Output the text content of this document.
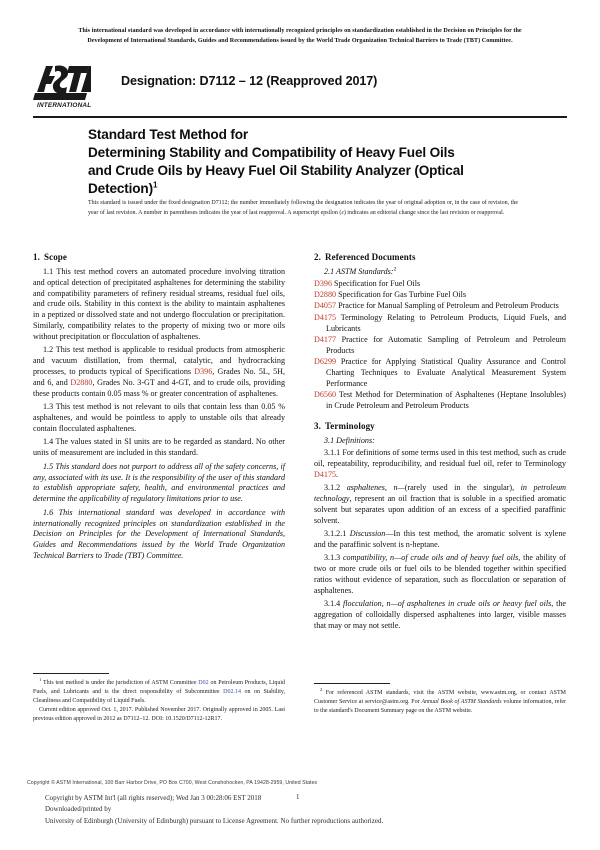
This international standard was developed in accordance with internationally recognized principles on standardization established in the Decision on Principles for the
Development of International Standards, Guides and Recommendations issued by the World Trade Organization Technical Barriers to Trade (TBT) Committee.
INTERNATIONAL
Designation: D7112 – 12 (Reapproved 2017)
Standard Test Method for
Determining Stability and Compatibility of Heavy Fuel Oils
and Crude Oils by Heavy Fuel Oil Stability Analyzer (Optical
Detection)$^1$
This standard is issued under the fixed designation D7112; the number immediately following the designation indicates the year of original adoption or, in the case of revision, the year of last revision. A number in parentheses indicates the year of last reapproval. A superscript epsilon (ε) indicates an editorial change since the last revision or reapproval.
1. Scope

1.1 This test method covers an automated procedure involving titration and optical detection of precipitated asphaltenes for determining the stability and compatibility parameters of refinery residual streams, residual fuel oils, and crude oils. Stability in this context is the ability to maintain asphaltenes in a peptized or dissolved state and not undergo flocculation or precipitation. Similarly, compatibility relates to the property of mixing two or more oils without precipitation or flocculation of asphaltenes.

1.2 This test method is applicable to residual products from atmospheric and vacuum distillation, from thermal, catalytic, and hydrocracking processes, to products typical of Specifications D396, Grades No. 5L, 5H, and 6, and D2880, Grades No. 3-GT and 4-GT, and to crude oils, providing these products contain 0.05 mass % or greater concentration of asphaltenes.

1.3 This test method is not relevant to oils that contain less than 0.05 % asphaltenes, and would be pointless to apply to unstable oils that already contain flocculated asphaltenes.

1.4 The values stated in SI units are to be regarded as standard. No other units of measurement are included in this standard.

1.5 This standard does not purport to address all of the safety concerns, if any, associated with its use. It is the responsibility of the user of this standard to establish appropriate safety, health, and environmental practices and determine the applicability of regulatory limitations prior to use.

1.6 This international standard was developed in accordance with internationally recognized principles on standardization established in the Decision on Principles for the Development of International Standards, Guides and Recommendations issued by the World Trade Organization Technical Barriers to Trade (TBT) Committee.

$^1$ This test method is under the jurisdiction of ASTM Committee D02 on Petroleum Products, Liquid Fuels, and Lubricants and is the direct responsibility of Subcommittee D02.14 on on Stability, Cleanliness and Compatibility of Liquid Fuels.

Current edition approved Oct. 1, 2017. Published November 2017. Originally approved in 2005. Last previous edition approved in 2012 as D7112–12. DOI: 10.1520/D7112-12R17.

2. Referenced Documents

2.1 ASTM Standards:$^2$

D396 Specification for Fuel Oils

D2880 Specification for Gas Turbine Fuel Oils

D4057 Practice for Manual Sampling of Petroleum and Petroleum Products

D4175 Terminology Relating to Petroleum Products, Liquid Fuels, and Lubricants

D4177 Practice for Automatic Sampling of Petroleum and Petroleum Products

D6299 Practice for Applying Statistical Quality Assurance and Control Charting Techniques to Evaluate Analytical Measurement System Performance

D6560 Test Method for Determination of Asphaltenes (Heptane Insolubles) in Crude Petroleum and Petroleum Products

3. Terminology

3.1 Definitions:

3.1.1 For definitions of some terms used in this test method, such as crude oil, repeatability, reproducibility, and residual fuel oil, refer to Terminology D4175.

3.1.2 asphaltenes, n—(rarely used in the singular), in petroleum technology, represent an oil fraction that is soluble in a specified aromatic solvent but separates upon addition of an excess of a specified paraffinic solvent.

3.1.2.1 Discussion—In this test method, the aromatic solvent is xylene and the paraffinic solvent is n-heptane.

3.1.3 compatibility, n—of crude oils and of heavy fuel oils, the ability of two or more crude oils or fuel oils to be blended together within specified ratios without evidence of separation, such as flocculation or separation of asphaltenes.

3.1.4 flocculation, n—of asphaltenes in crude oils or heavy fuel oils, the aggregation of colloidally dispersed asphaltenes into larger, visible masses that may or may not settle.

$^2$ For referenced ASTM standards, visit the ASTM website, www.astm.org, or contact ASTM Customer Service at service@astm.org. For Annual Book of ASTM Standards volume information, refer to the standard's Document Summary page on the ASTM website.

Copyright © ASTM International, 100 Barr Harbor Drive, PO Box C700, West Conshohocken, PA 19428-2959, United States
Copyright by ASTM Int'l (all rights reserved); Wed Jan 3 00:28:06 EST 2018
Downloaded/printed by
University of Edinburgh (University of Edinburgh) pursuant to License Agreement. No further reproductions authorized.
1
